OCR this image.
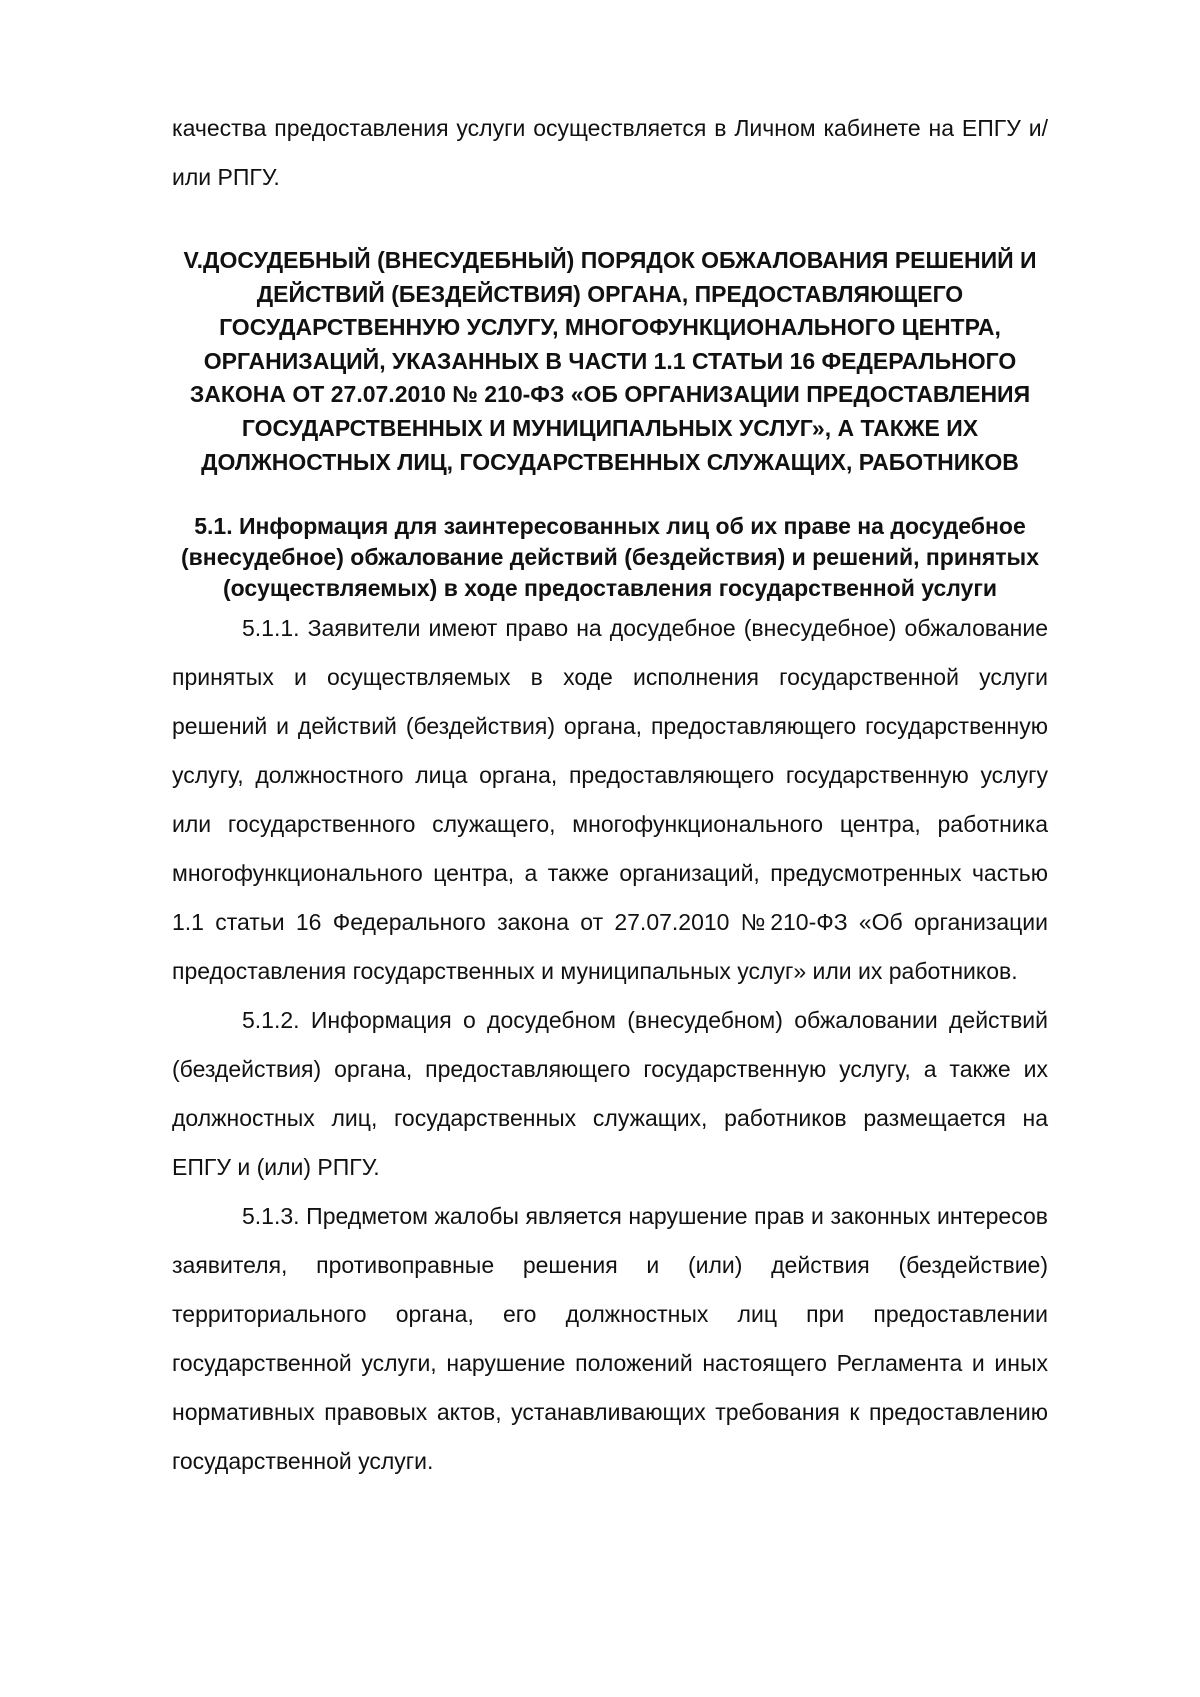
качества предоставления услуги осуществляется в Личном кабинете на ЕПГУ и/или РПГУ.

V.ДОСУДЕБНЫЙ (ВНЕСУДЕБНЫЙ) ПОРЯДОК ОБЖАЛОВАНИЯ РЕШЕНИЙ И ДЕЙСТВИЙ (БЕЗДЕЙСТВИЯ) ОРГАНА, ПРЕДОСТАВЛЯЮЩЕГО ГОСУДАРСТВЕННУЮ УСЛУГУ, МНОГОФУНКЦИОНАЛЬНОГО ЦЕНТРА, ОРГАНИЗАЦИЙ, УКАЗАННЫХ В ЧАСТИ 1.1 СТАТЬИ 16 ФЕДЕРАЛЬНОГО ЗАКОНА ОТ 27.07.2010 № 210-ФЗ «ОБ ОРГАНИЗАЦИИ ПРЕДОСТАВЛЕНИЯ ГОСУДАРСТВЕННЫХ И МУНИЦИПАЛЬНЫХ УСЛУГ», А ТАКЖЕ ИХ ДОЛЖНОСТНЫХ ЛИЦ, ГОСУДАРСТВЕННЫХ СЛУЖАЩИХ, РАБОТНИКОВ
5.1. Информация для заинтересованных лиц об их праве на досудебное (внесудебное) обжалование действий (бездействия) и решений, принятых (осуществляемых) в ходе предоставления государственной услуги

5.1.1. Заявители имеют право на досудебное (внесудебное) обжалование принятых и осуществляемых в ходе исполнения государственной услуги решений и действий (бездействия) органа, предоставляющего государственную услугу, должностного лица органа, предоставляющего государственную услугу или государственного служащего, многофункционального центра, работника многофункционального центра, а также организаций, предусмотренных частью 1.1 статьи 16 Федерального закона от 27.07.2010 №210-ФЗ «Об организации предоставления государственных и муниципальных услуг» или их работников.

5.1.2. Информация о досудебном (внесудебном) обжаловании действий (бездействия) органа, предоставляющего государственную услугу, а также их должностных лиц, государственных служащих, работников размещается на ЕПГУ и (или) РПГУ.

5.1.3. Предметом жалобы является нарушение прав и законных интересов заявителя, противоправные решения и (или) действия (бездействие) территориального органа, его должностных лиц при предоставлении государственной услуги, нарушение положений настоящего Регламента и иных нормативных правовых актов, устанавливающих требования к предоставлению государственной услуги.
